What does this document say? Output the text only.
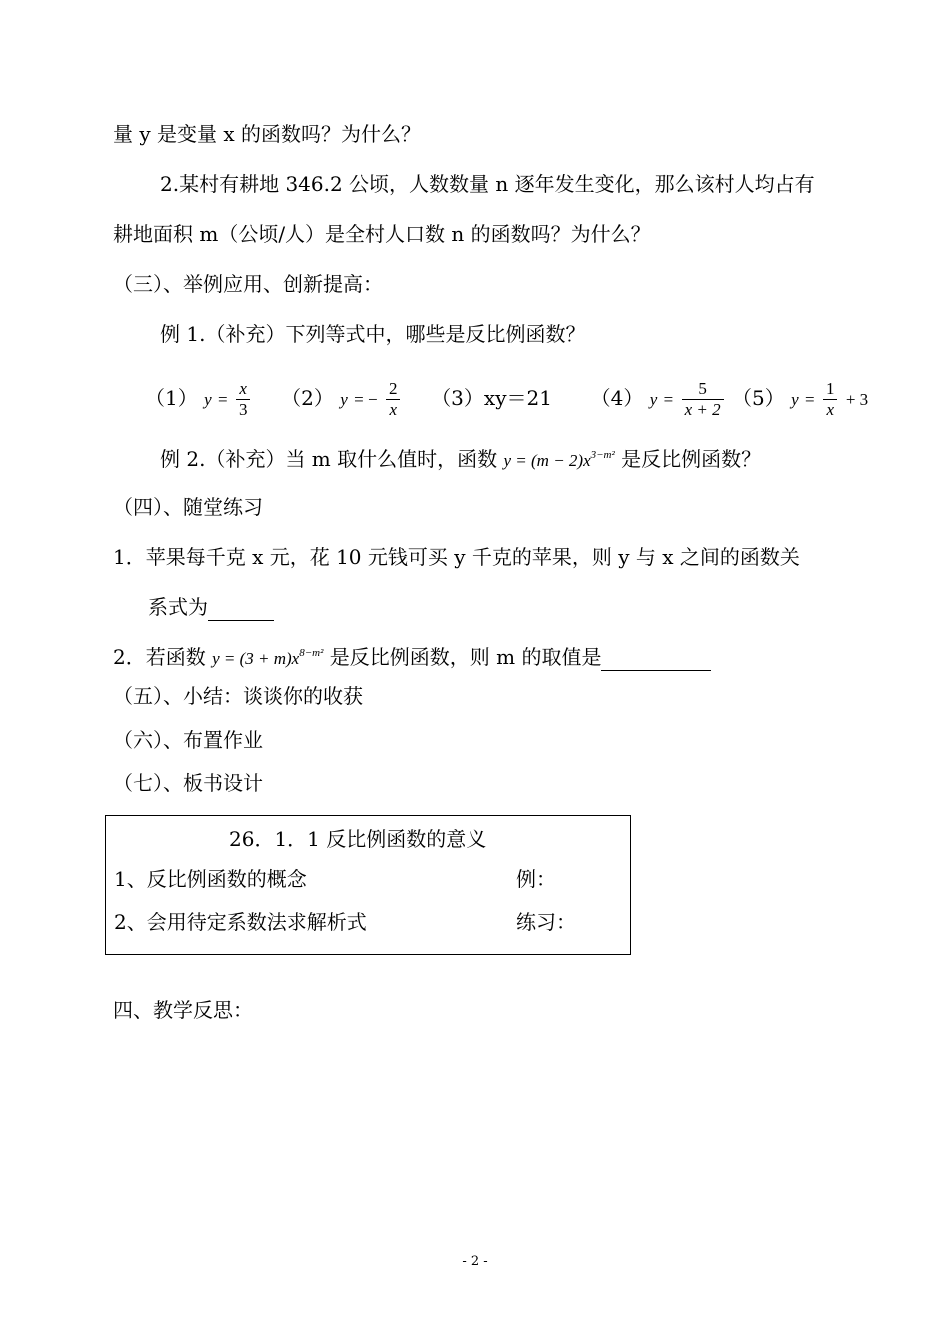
量 y 是变量 x 的函数吗？为什么？
2.某村有耕地 346.2 公顷，人数数量 n 逐年发生变化，那么该村人均占有
耕地面积 m（公顷/人）是全村人口数 n 的函数吗？为什么？
（三）、举例应用、创新提高：
例 1.（补充）下列等式中，哪些是反比例函数？
（1） $y = \frac{x}{3} (2) y$ = − $\frac{2}{x} (3)xy=21$ （4） $y = \frac{5}{x + 2} (5) y = \frac{1}{x} + 3$
例 2.（补充）当 m 取什么值时，函数 $y = (m - 2)x^{3-m^2}$ 是反比例函数？
（四）、随堂练习
1．苹果每千克 x 元，花 10 元钱可买 y 千克的苹果，则 y 与 x 之间的函数关
系式为
2．若函数 $y = (3 + m)x^{8-m^2}$ 是反比例函数，则 m 的取值是
（五）、小结：谈谈你的收获
（六）、布置作业
（七）、板书设计
26．1．1 反比例函数的意义
1、反比例函数的概念	例：
2、会用待定系数法求解析式	练习：
四、教学反思：
- 2 -
